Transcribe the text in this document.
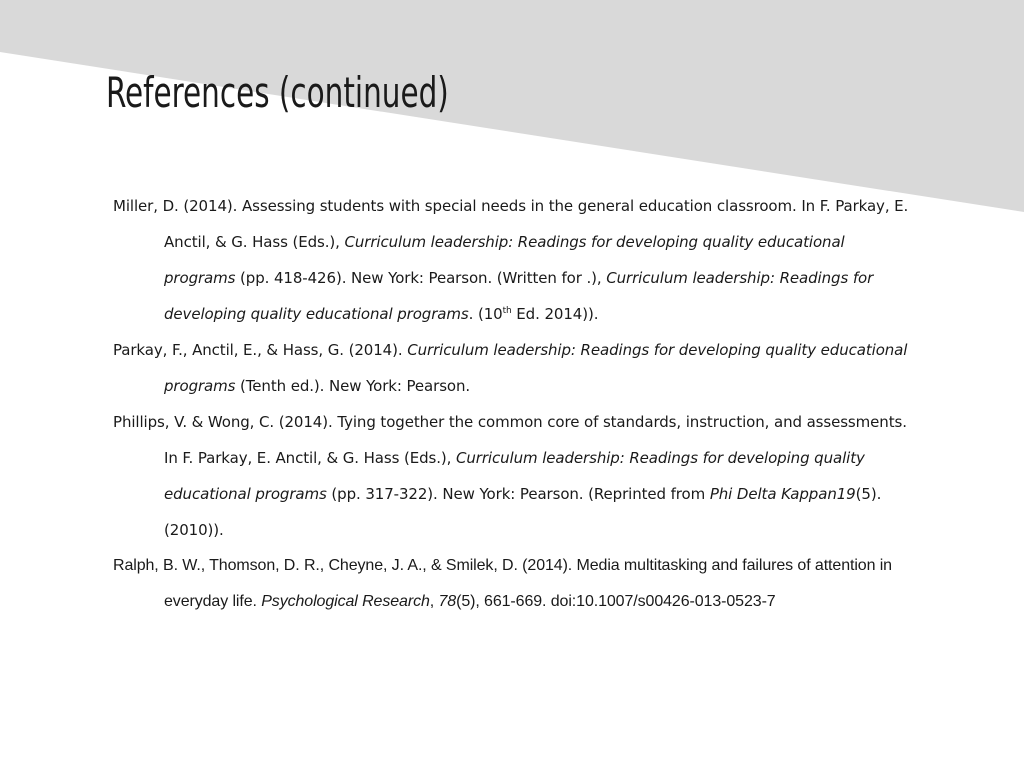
References (continued)
Miller, D. (2014). Assessing students with special needs in the general education classroom. In F. Parkay, E. Anctil, & G. Hass (Eds.), Curriculum leadership: Readings for developing quality educational programs (pp. 418-426). New York: Pearson. (Written for .), Curriculum leadership: Readings for developing quality educational programs. (10th Ed. 2014)).
Parkay, F., Anctil, E., & Hass, G. (2014). Curriculum leadership: Readings for developing quality educational programs (Tenth ed.). New York: Pearson.
Phillips, V. & Wong, C. (2014). Tying together the common core of standards, instruction, and assessments. In F. Parkay, E. Anctil, & G. Hass (Eds.), Curriculum leadership: Readings for developing quality educational programs (pp. 317-322). New York: Pearson. (Reprinted from Phi Delta Kappan19(5). (2010)).
Ralph, B. W., Thomson, D. R., Cheyne, J. A., & Smilek, D. (2014). Media multitasking and failures of attention in everyday life. Psychological Research, 78(5), 661-669. doi:10.1007/s00426-013-0523-7
